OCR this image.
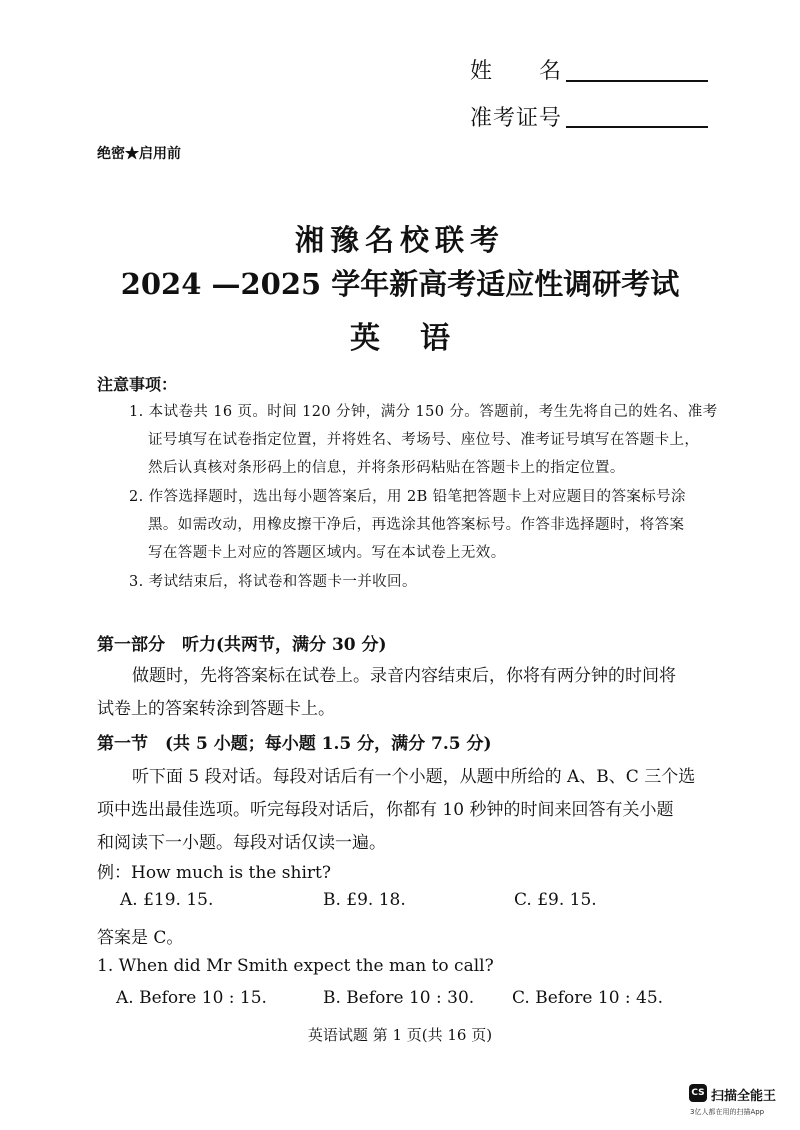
姓　　名
准考证号
绝密★启用前
湘豫名校联考
2024 —2025 学年新高考适应性调研考试
英语
注意事项：
1. 本试卷共 16 页。时间 120 分钟，满分 150 分。答题前，考生先将自己的姓名、准考
证号填写在试卷指定位置，并将姓名、考场号、座位号、准考证号填写在答题卡上，
然后认真核对条形码上的信息，并将条形码粘贴在答题卡上的指定位置。
2. 作答选择题时，选出每小题答案后，用 2B 铅笔把答题卡上对应题目的答案标号涂
黑。如需改动，用橡皮擦干净后，再选涂其他答案标号。作答非选择题时，将答案
写在答题卡上对应的答题区域内。写在本试卷上无效。
3. 考试结束后，将试卷和答题卡一并收回。
第一部分　听力(共两节，满分 30 分)
做题时，先将答案标在试卷上。录音内容结束后，你将有两分钟的时间将
试卷上的答案转涂到答题卡上。
第一节　(共 5 小题；每小题 1.5 分，满分 7.5 分)
听下面 5 段对话。每段对话后有一个小题，从题中所给的 A、B、C 三个选
项中选出最佳选项。听完每段对话后，你都有 10 秒钟的时间来回答有关小题
和阅读下一小题。每段对话仅读一遍。
例：How much is the shirt?
A. £19. 15.	B. £9. 18.	C. £9. 15.
答案是 C。
1. When did Mr Smith expect the man to call?
A. Before 10 : 15.	B. Before 10 : 30. C. Before 10 : 45.
英语试题 第 1 页(共 16 页)
CS 扫描全能王
3亿人都在用的扫描App
